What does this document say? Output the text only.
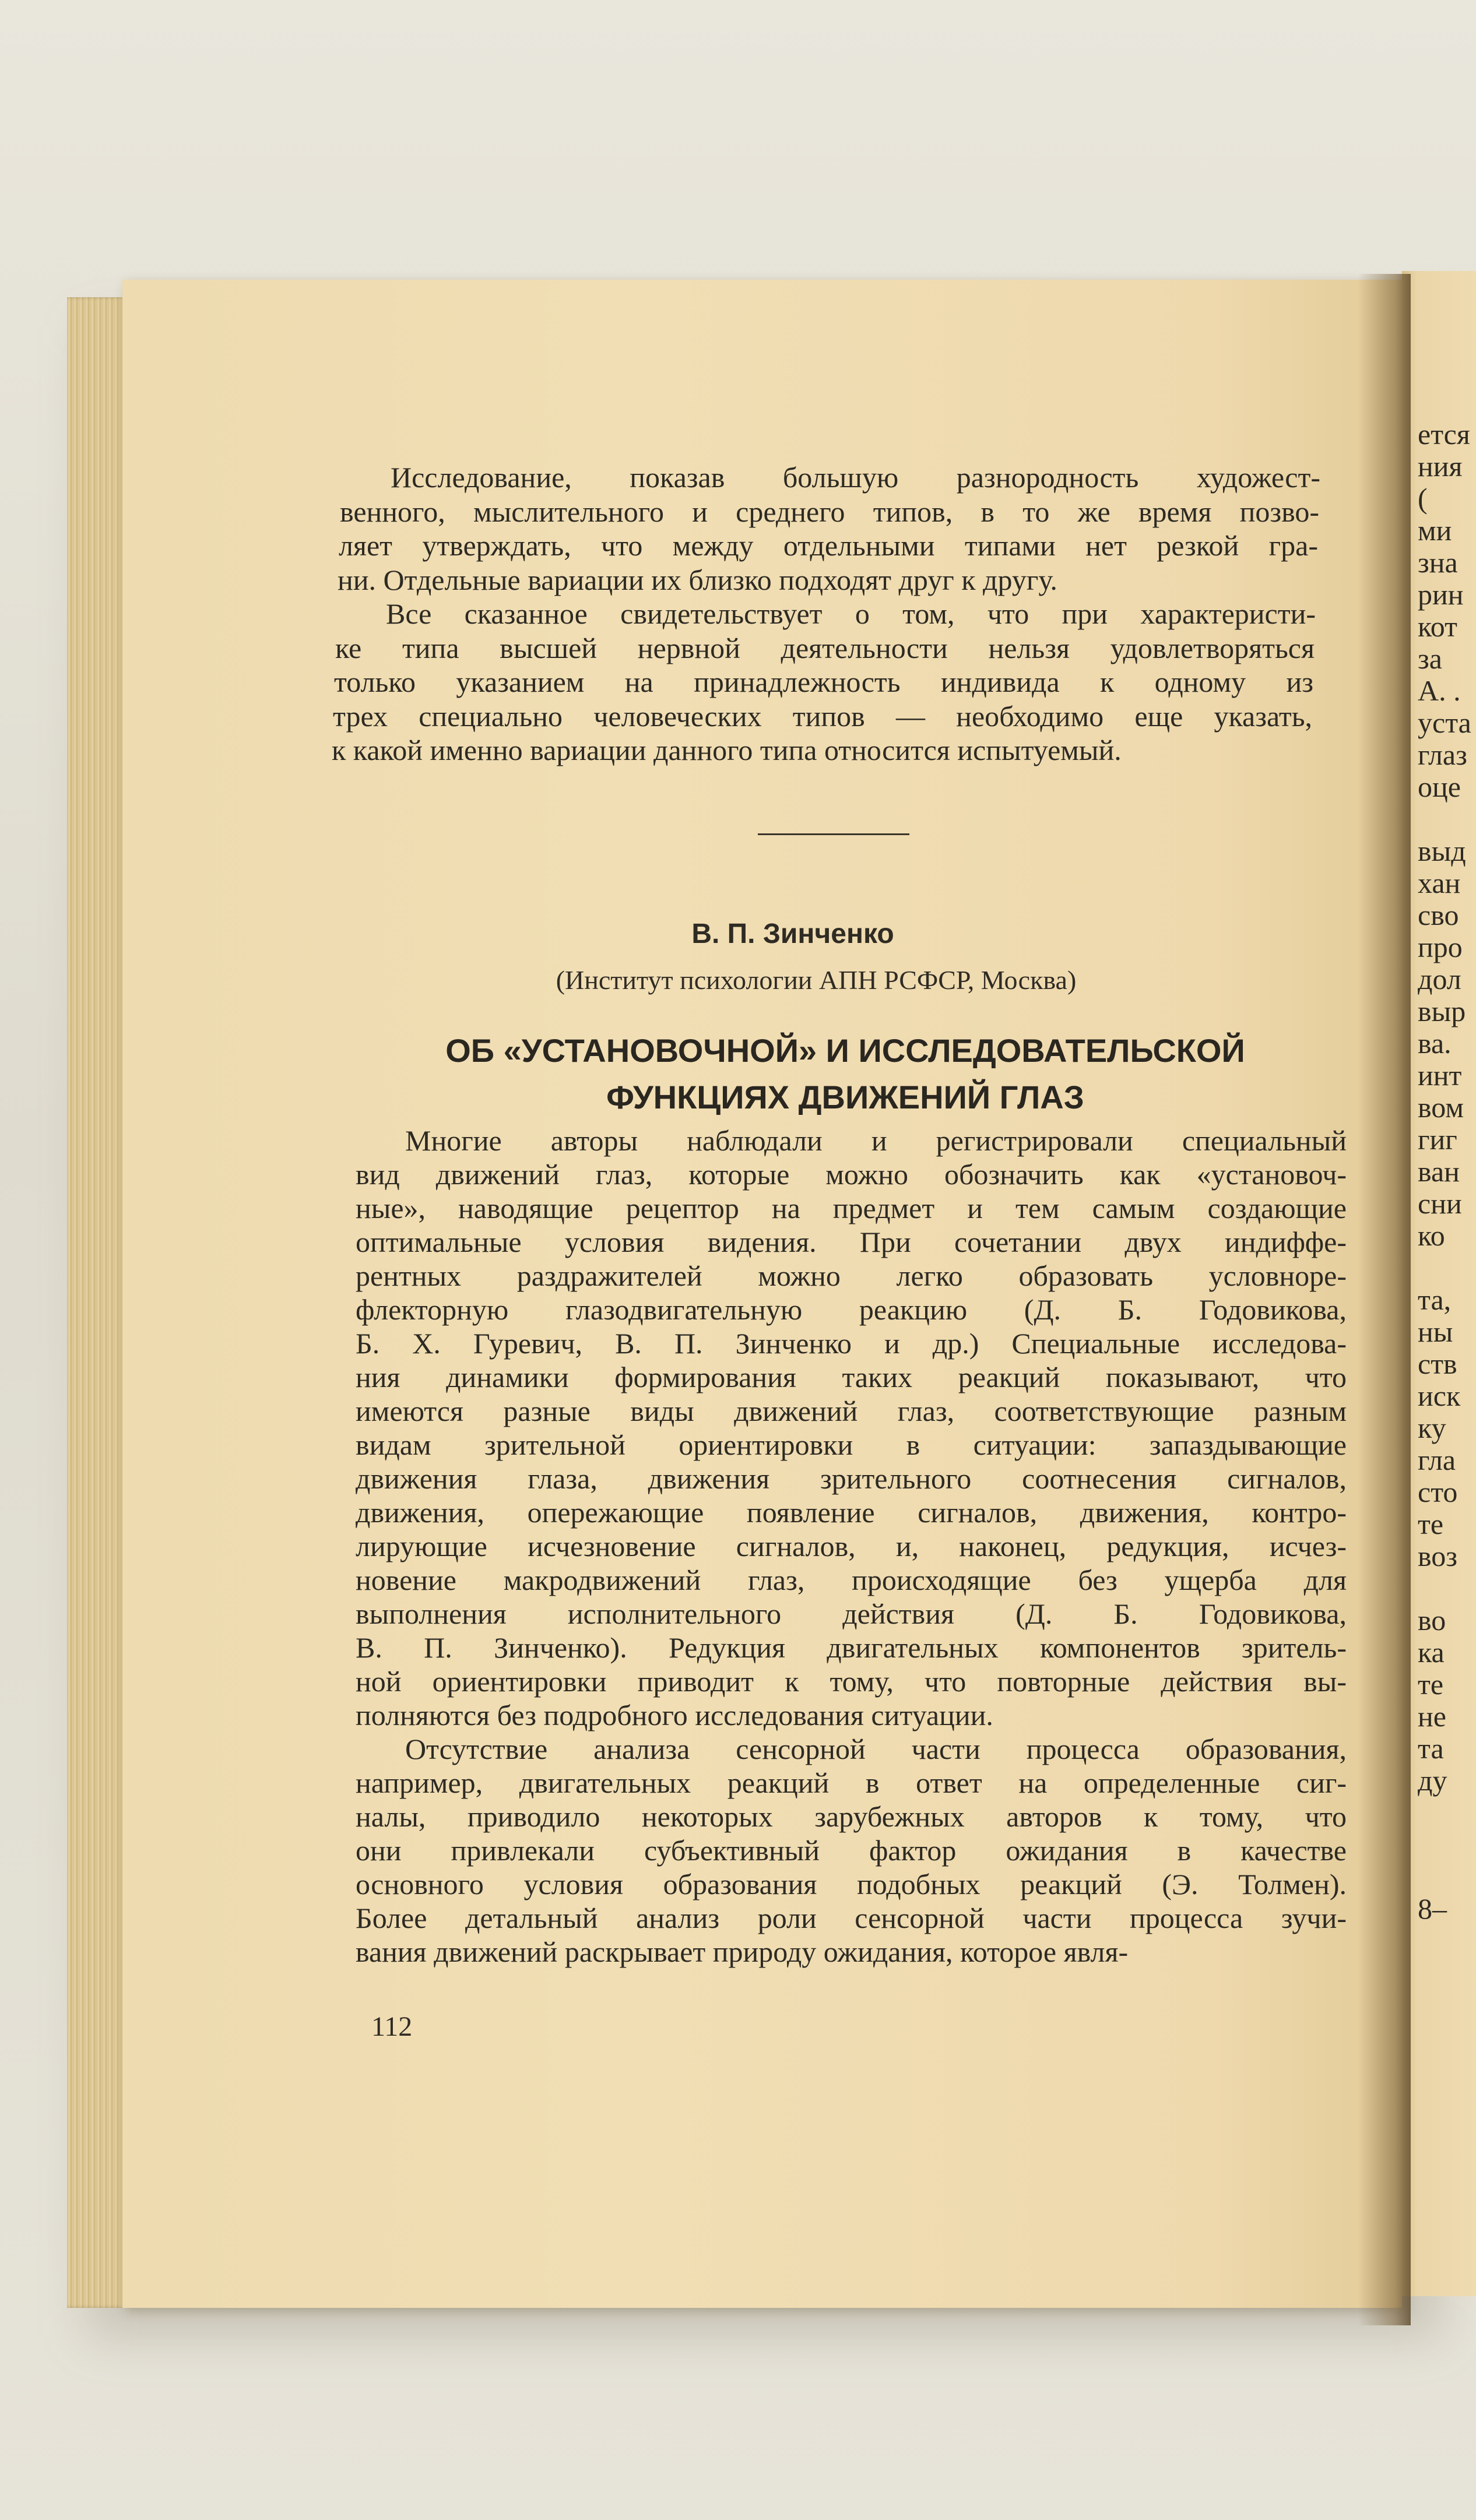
ется
ния
(
ми
зна
рин
кот
за
А. .
уста
глаз
оце
выд
хан
сво
про
дол
выр
ва.
инт
вом
гиг
ван
сни
ко
та,
ны
ств
иск
ку
гла
сто
те
воз
во
ка
те
не
та
ду
8–
Исследование, показав большую разнородность художест-
венного, мыслительного и среднего типов, в то же время позво-
ляет утверждать, что между отдельными типами нет резкой гра-
ни. Отдельные вариации их близко подходят друг к другу.
Все сказанное свидетельствует о том, что при характеристи-
ке типа высшей нервной деятельности нельзя удовлетворяться
только указанием на принадлежность индивида к одному из
трех специально человеческих типов — необходимо еще указать,
к какой именно вариации данного типа относится испытуемый.
В. П. Зинченко
(Институт психологии АПН РСФСР, Москва)
ОБ «УСТАНОВОЧНОЙ» И ИССЛЕДОВАТЕЛЬСКОЙ
ФУНКЦИЯХ ДВИЖЕНИЙ ГЛАЗ
Многие авторы наблюдали и регистрировали специальный
вид движений глаз, которые можно обозначить как «установоч-
ные», наводящие рецептор на предмет и тем самым создающие
оптимальные условия видения. При сочетании двух индиффе-
рентных раздражителей можно легко образовать условноре-
флекторную глазодвигательную реакцию (Д. Б. Годовикова,
Б. Х. Гуревич, В. П. Зинченко и др.) Специальные исследова-
ния динамики формирования таких реакций показывают, что
имеются разные виды движений глаз, соответствующие разным
видам зрительной ориентировки в ситуации: запаздывающие
движения глаза, движения зрительного соотнесения сигналов,
движения, опережающие появление сигналов, движения, контро-
лирующие исчезновение сигналов, и, наконец, редукция, исчез-
новение макродвижений глаз, происходящие без ущерба для
выполнения исполнительного действия (Д. Б. Годовикова,
В. П. Зинченко). Редукция двигательных компонентов зритель-
ной ориентировки приводит к тому, что повторные действия вы-
полняются без подробного исследования ситуации.
Отсутствие анализа сенсорной части процесса образования,
например, двигательных реакций в ответ на определенные сиг-
налы, приводило некоторых зарубежных авторов к тому, что
они привлекали субъективный фактор ожидания в качестве
основного условия образования подобных реакций (Э. Толмен).
Более детальный анализ роли сенсорной части процесса зучи-
вания движений раскрывает природу ожидания, которое явля-
112
